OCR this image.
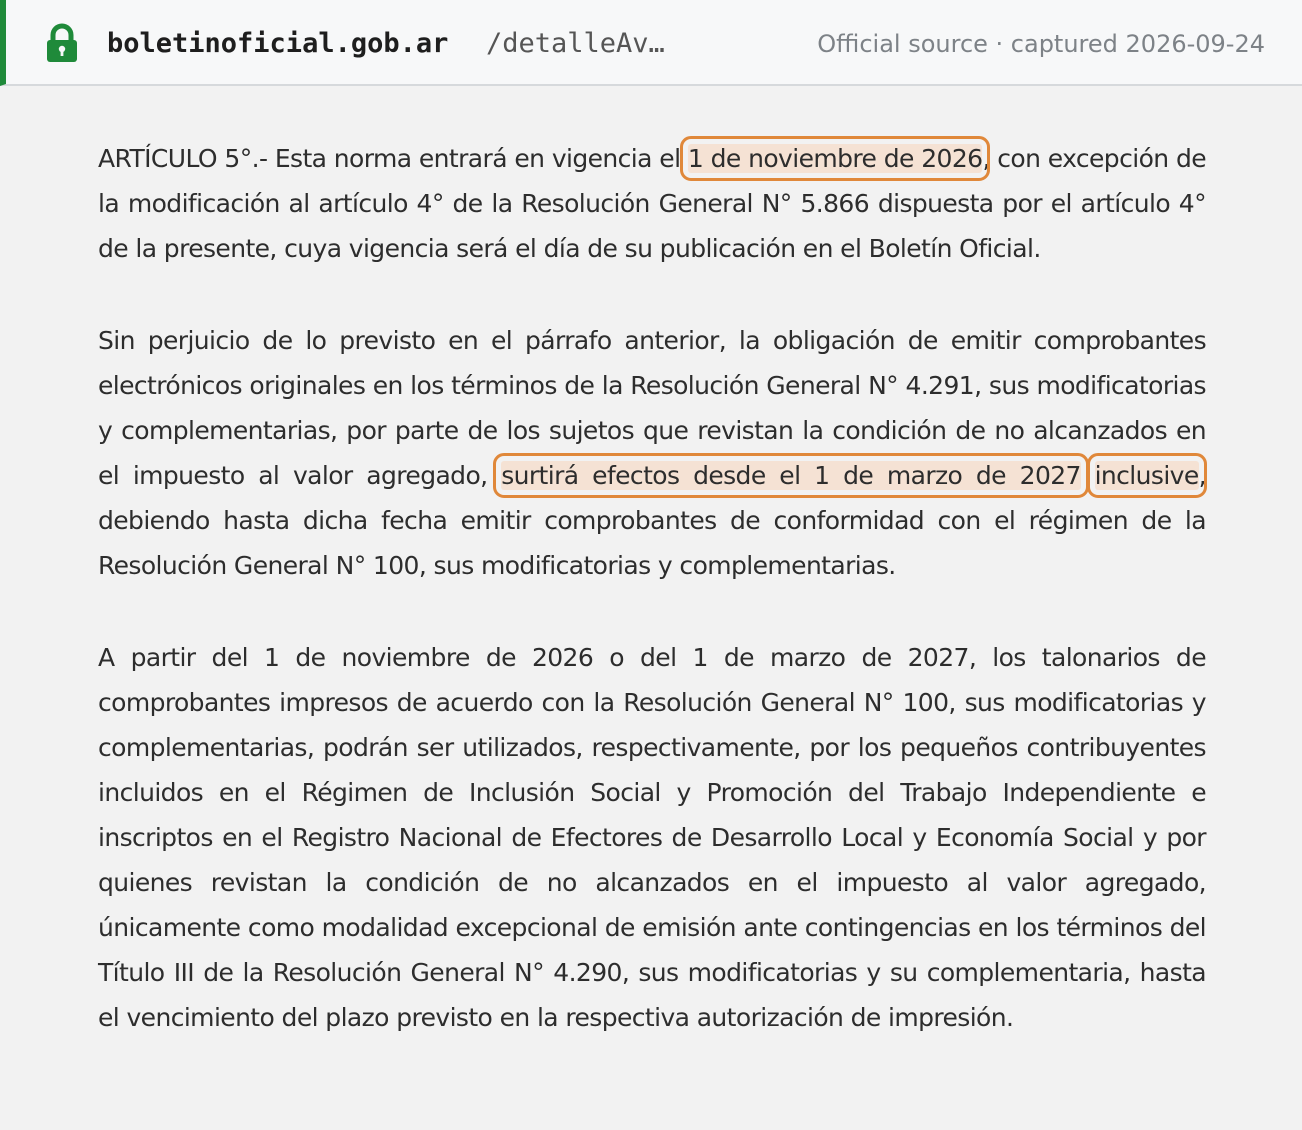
boletinoficial.gob.ar /detalleAv…	Official source · captured 2026-09-24

ARTÍCULO 5°.- Esta norma entrará en vigencia el 1 de noviembre de 2026, con excepción de la modificación al artículo 4° de la Resolución General N° 5.866 dispuesta por el artículo 4° de la presente, cuya vigencia será el día de su publicación en el Boletín Oficial.

Sin perjuicio de lo previsto en el párrafo anterior, la obligación de emitir comprobantes electrónicos originales en los términos de la Resolución General N° 4.291, sus modificatorias y complementarias, por parte de los sujetos que revistan la condición de no alcanzados en el impuesto al valor agregado, surtirá efectos desde el 1 de marzo de 2027 inclusive, debiendo hasta dicha fecha emitir comprobantes de conformidad con el régimen de la Resolución General N° 100, sus modificatorias y complementarias.

A partir del 1 de noviembre de 2026 o del 1 de marzo de 2027, los talonarios de comprobantes impresos de acuerdo con la Resolución General N° 100, sus modificatorias y complementarias, podrán ser utilizados, respectivamente, por los pequeños contribuyentes incluidos en el Régimen de Inclusión Social y Promoción del Trabajo Independiente e inscriptos en el Registro Nacional de Efectores de Desarrollo Local y Economía Social y por quienes revistan la condición de no alcanzados en el impuesto al valor agregado, únicamente como modalidad excepcional de emisión ante contingencias en los términos del Título III de la Resolución General N° 4.290, sus modificatorias y su complementaria, hasta el vencimiento del plazo previsto en la respectiva autorización de impresión.
